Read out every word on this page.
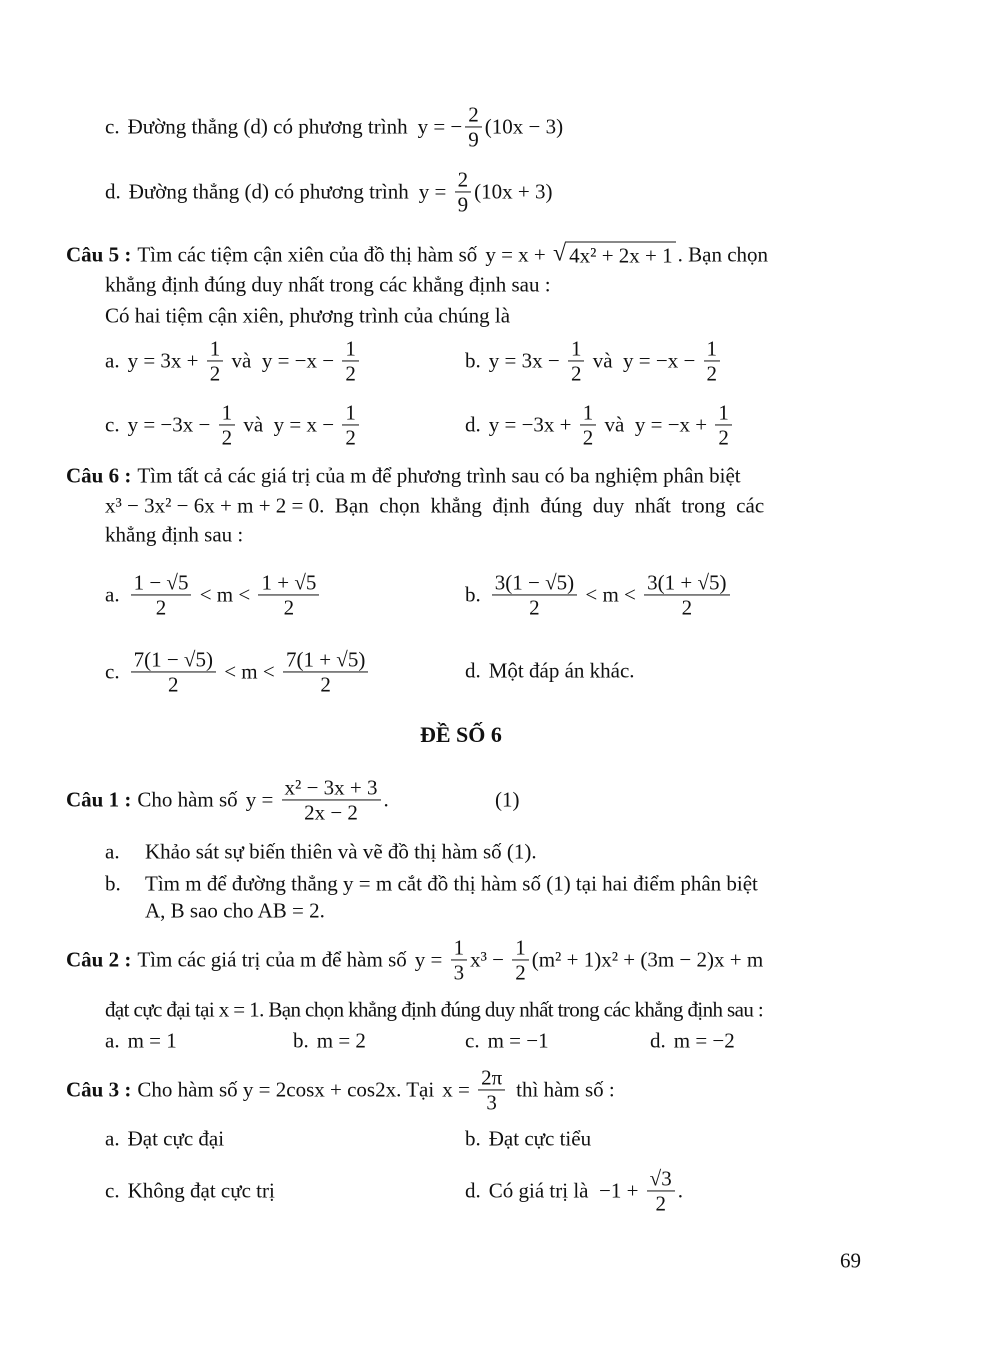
c. Đường thẳng (d) có phương trình y = − $\frac{2}{9} (10x - 3)$
d. Đường thẳng (d) có phương trình $y = \frac{2}{9} (10x + 3)$
Câu 5 : Tìm các tiệm cận xiên của đồ thị hàm số y = x + √ 4x² + 2x + 1 . Bạn chọn
khẳng định đúng duy nhất trong các khẳng định sau :
Có hai tiệm cận xiên, phương trình của chúng là
a. $y = 3x + \frac{1}{2}$ và  $y = -x - \frac{1}{2}$	b. $y = 3x - \frac{1}{2}$ và  $y = -x - \frac{1}{2}$
c. $y = -3x - \frac{1}{2}$ và  $y = x - \frac{1}{2}$	d. $y = -3x + \frac{1}{2}$ và  $y = -x + \frac{1}{2}$
Câu 6 : Tìm tất cả các giá trị của m để phương trình sau có ba nghiệm phân biệt
x³ − 3x² − 6x + m + 2 = 0.  Bạn  chọn  khẳng  định  đúng  duy  nhất  trong  các
khẳng định sau :
a. $\frac{1 - √5}{2} < m < \frac{1 + √5}{2}$	b. $\frac{3(1 - √5)}{2} < m < \frac{3(1 + √5)}{2}$
c. $\frac{7(1 - √5)}{2} < m < \frac{7(1 + √5)}{2}$	d. Một đáp án khác.
ĐỀ SỐ 6
Câu 1 : Cho hàm số $y = \frac{\text{x² − 3x + 3}}{2x - 2}$ .	(1)
a.	Khảo sát sự biến thiên và vẽ đồ thị hàm số (1).
b.	Tìm m để đường thẳng y = m cắt đồ thị hàm số (1) tại hai điểm phân biệt
A, B sao cho AB = 2.
Câu 2 : Tìm các giá trị của m để hàm số $y = \frac{1}{3} x^3 - \frac{1}{2} (m^2 + 1)x^2 + (3m - 2)x + m$
đạt cực đại tại x = 1. Bạn chọn khẳng định đúng duy nhất trong các khẳng định sau :
a. m = 1	b. m = 2	c. m = −1	d. m = −2
Câu 3 : Cho hàm số y = 2cosx + cos2x. Tại $x = \frac{2\pi}{3}$ thì hàm số :
a. Đạt cực đại	b. Đạt cực tiểu
c. Không đạt cực trị	d. Có giá trị là  $-1 + \frac{√3}{2}$ .
69
